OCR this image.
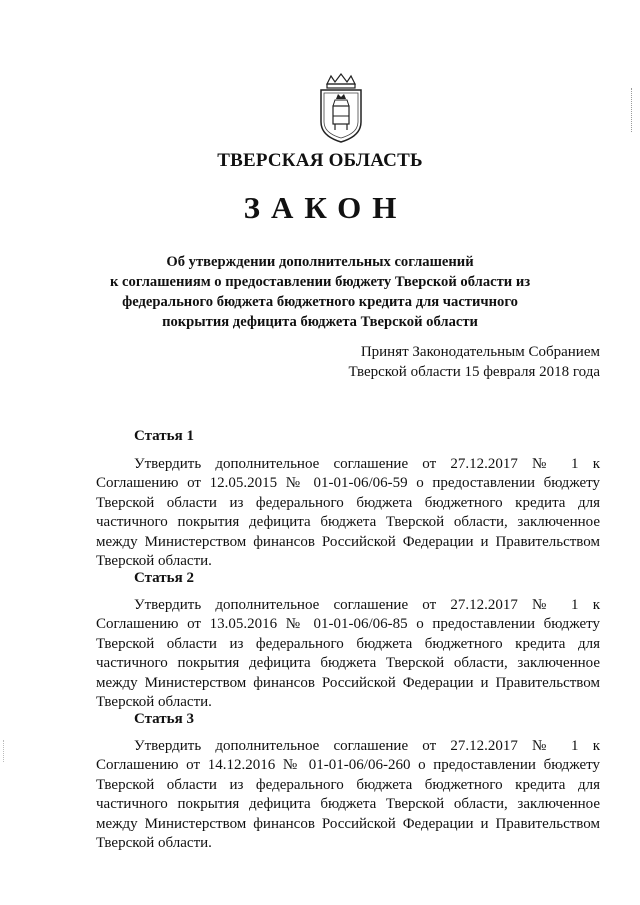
ТВЕРСКАЯ ОБЛАСТЬ
ЗАКОН
Об утверждении дополнительных соглашений
к соглашениям о предоставлении бюджету Тверской области из
федерального бюджета бюджетного кредита для частичного
покрытия дефицита бюджета Тверской области
Принят Законодательным Собранием
Тверской области 15 февраля 2018 года
Статья 1
Утвердить дополнительное соглашение от 27.12.2017 № 1 к
Соглашению от 12.05.2015 № 01-01-06/06-59 о предоставлении бюджету
Тверской области из федерального бюджета бюджетного кредита для
частичного покрытия дефицита бюджета Тверской области, заключенное
между Министерством финансов Российской Федерации и Правительством
Тверской области.
Статья 2
Утвердить дополнительное соглашение от 27.12.2017 № 1 к
Соглашению от 13.05.2016 № 01-01-06/06-85 о предоставлении бюджету
Тверской области из федерального бюджета бюджетного кредита для
частичного покрытия дефицита бюджета Тверской области, заключенное
между Министерством финансов Российской Федерации и Правительством
Тверской области.
Статья 3
Утвердить дополнительное соглашение от 27.12.2017 № 1 к
Соглашению от 14.12.2016 № 01-01-06/06-260 о предоставлении бюджету
Тверской области из федерального бюджета бюджетного кредита для
частичного покрытия дефицита бюджета Тверской области, заключенное
между Министерством финансов Российской Федерации и Правительством
Тверской области.
